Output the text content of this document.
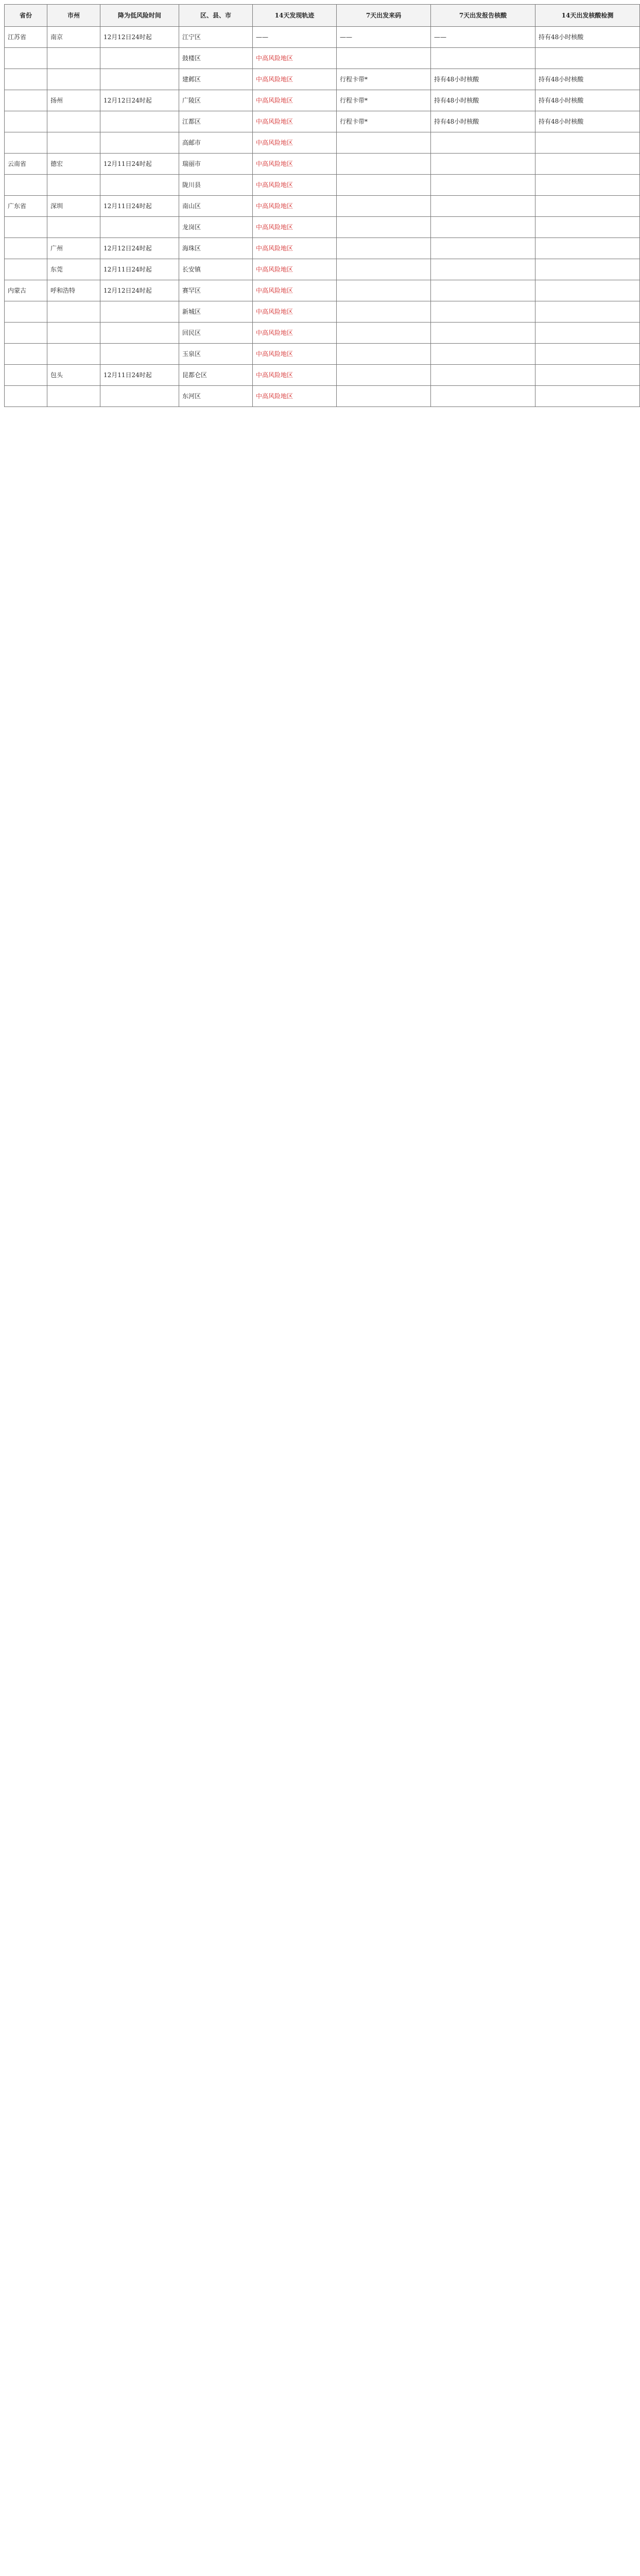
省份	市州	降为低风险时间	区、县、市	14天发现轨迹	7天出发来码	7天出发报告核酸	14天出发核酸检测
江苏省	南京	12月12日24时起	江宁区	——	——	——	持有48小时核酸
			鼓楼区	中高风险地区			
			建邺区	中高风险地区	行程卡带*	持有48小时核酸	持有48小时核酸
	扬州	12月12日24时起	广陵区	中高风险地区	行程卡带*	持有48小时核酸	持有48小时核酸
			江都区	中高风险地区	行程卡带*	持有48小时核酸	持有48小时核酸
			高邮市	中高风险地区			
云南省	德宏	12月11日24时起	瑞丽市	中高风险地区			
			陇川县	中高风险地区			
广东省	深圳	12月11日24时起	南山区	中高风险地区			
			龙岗区	中高风险地区			
	广州	12月12日24时起	海珠区	中高风险地区			
	东莞	12月11日24时起	长安镇	中高风险地区			
内蒙古	呼和浩特	12月12日24时起	赛罕区	中高风险地区			
			新城区	中高风险地区			
			回民区	中高风险地区			
			玉泉区	中高风险地区			
	包头	12月11日24时起	昆都仑区	中高风险地区			
			东河区	中高风险地区			
